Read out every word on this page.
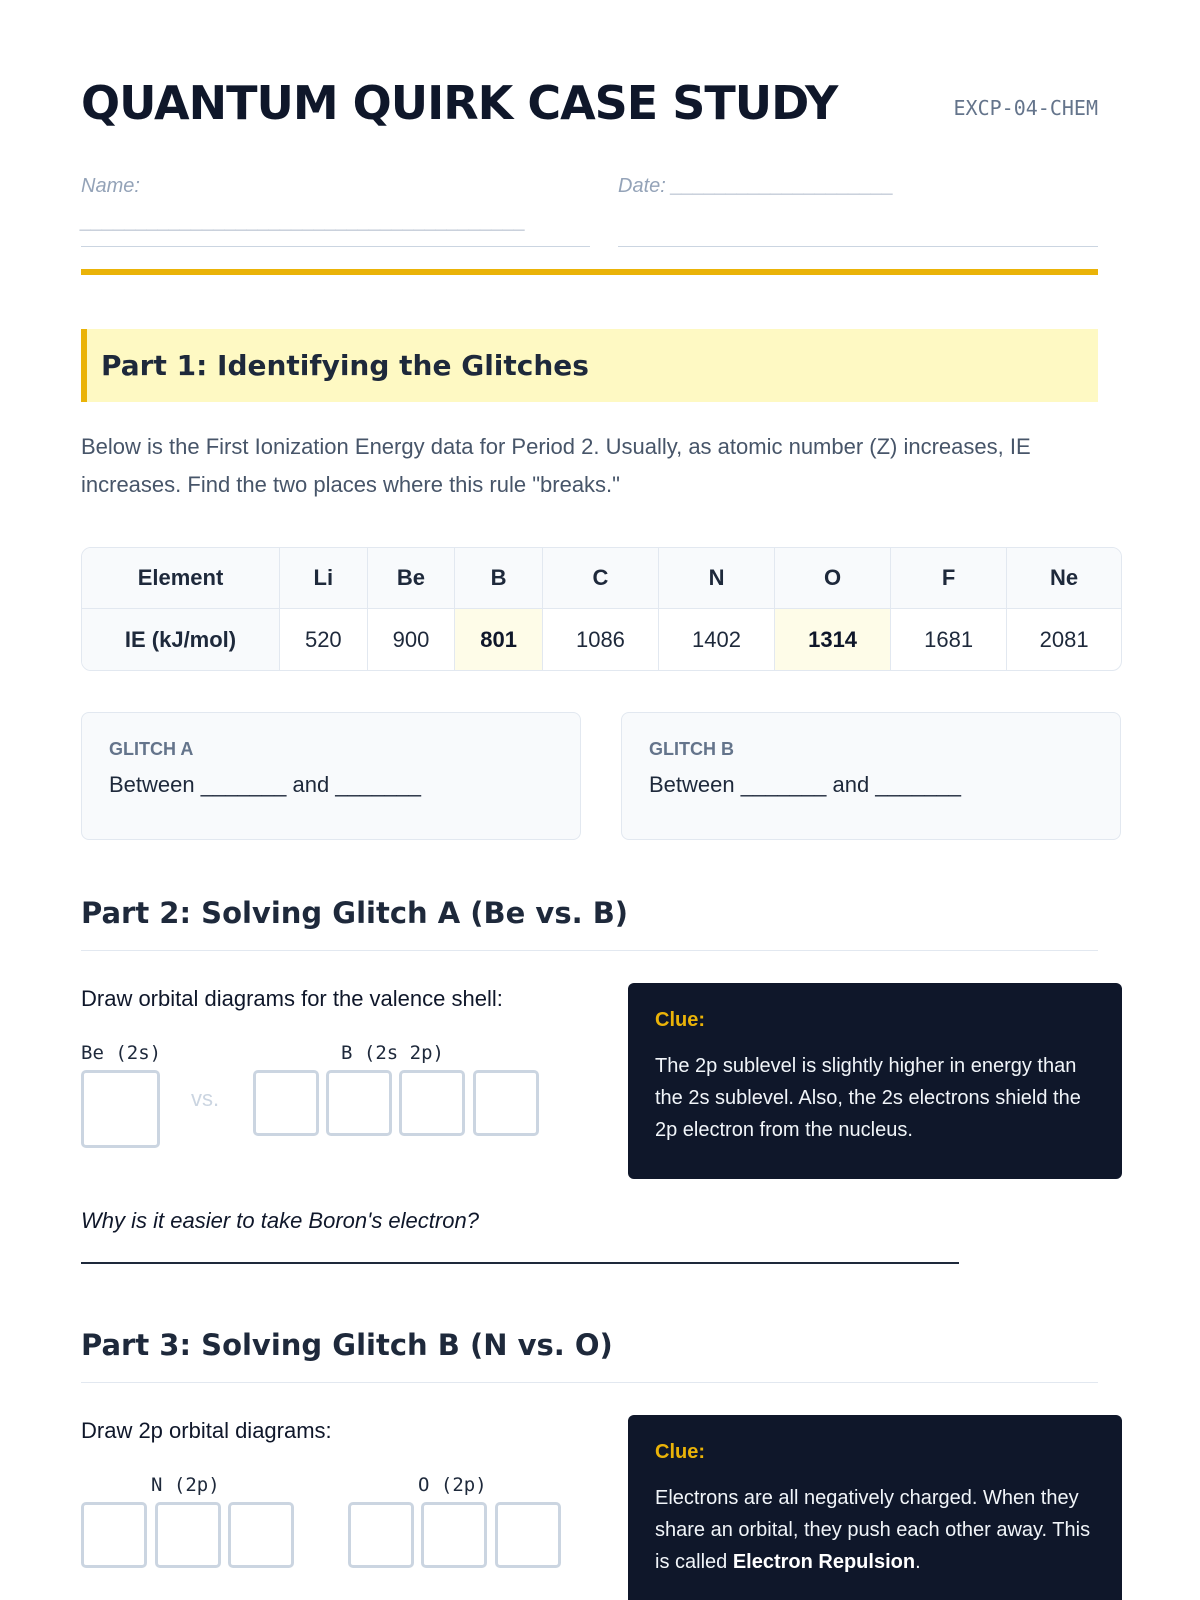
QUANTUM QUIRK CASE STUDY	EXCP-04-CHEM
Name:
________________________________________
Date: ____________________

Part 1: Identifying the Glitches

Below is the First Ionization Energy data for Period 2. Usually, as atomic number (Z) increases, IE increases. Find the two places where this rule "breaks."

Element	Li	Be	B	C	N	O	F	Ne
IE (kJ/mol)	520	900	801	1086	1402	1314	1681	2081
GLITCH A
Between _______ and _______
GLITCH B
Between _______ and _______
Part 2: Solving Glitch A (Be vs. B)
Draw orbital diagrams for the valence shell:
Be (2s)
vs.
B (2s 2p)
Clue:
The 2p sublevel is slightly higher in energy than the 2s sublevel. Also, the 2s electrons shield the 2p electron from the nucleus.
Why is it easier to take Boron's electron?
Part 3: Solving Glitch B (N vs. O)
Draw 2p orbital diagrams:
N (2p)	O (2p)
Clue:
Electrons are all negatively charged. When they share an orbital, they push each other away. This is called Electron Repulsion.
